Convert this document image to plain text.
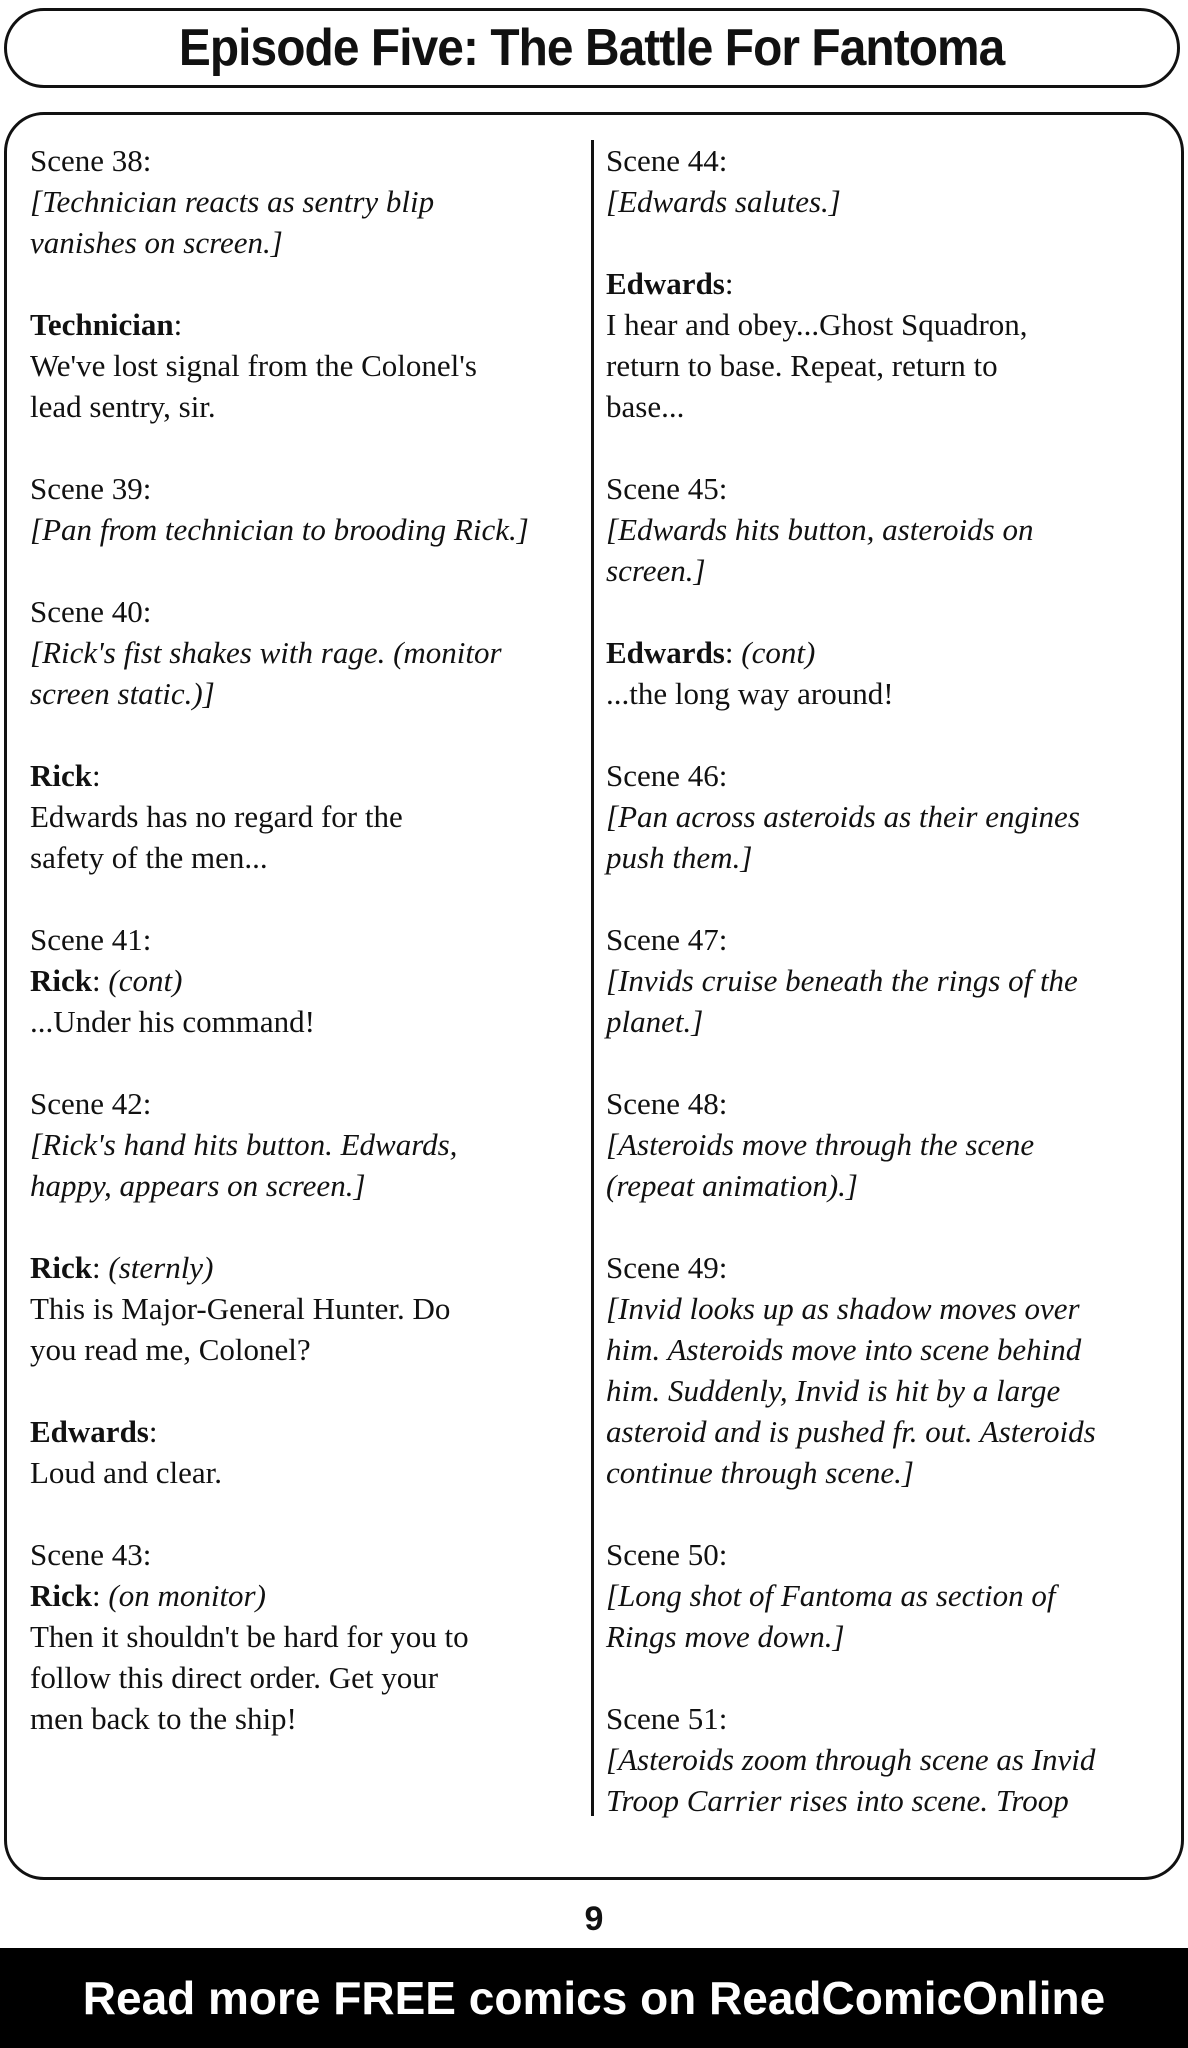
Episode Five: The Battle For Fantoma
Scene 38:
[Technician reacts as sentry blip
vanishes on screen.]
Technician:
We've lost signal from the Colonel's
lead sentry, sir.
Scene 39:
[Pan from technician to brooding Rick.]
Scene 40:
[Rick's fist shakes with rage. (monitor
screen static.)]
Rick:
Edwards has no regard for the
safety of the men...
Scene 41:
Rick: (cont)
...Under his command!
Scene 42:
[Rick's hand hits button. Edwards,
happy, appears on screen.]
Rick: (sternly)
This is Major-General Hunter. Do
you read me, Colonel?
Edwards:
Loud and clear.
Scene 43:
Rick: (on monitor)
Then it shouldn't be hard for you to
follow this direct order. Get your
men back to the ship!
Scene 44:
[Edwards salutes.]
Edwards:
I hear and obey...Ghost Squadron,
return to base. Repeat, return to
base...
Scene 45:
[Edwards hits button, asteroids on
screen.]
Edwards: (cont)
...the long way around!
Scene 46:
[Pan across asteroids as their engines
push them.]
Scene 47:
[Invids cruise beneath the rings of the
planet.]
Scene 48:
[Asteroids move through the scene
(repeat animation).]
Scene 49:
[Invid looks up as shadow moves over
him. Asteroids move into scene behind
him. Suddenly, Invid is hit by a large
asteroid and is pushed fr. out. Asteroids
continue through scene.]
Scene 50:
[Long shot of Fantoma as section of
Rings move down.]
Scene 51:
[Asteroids zoom through scene as Invid
Troop Carrier rises into scene. Troop
9
Read more FREE comics on ReadComicOnline
